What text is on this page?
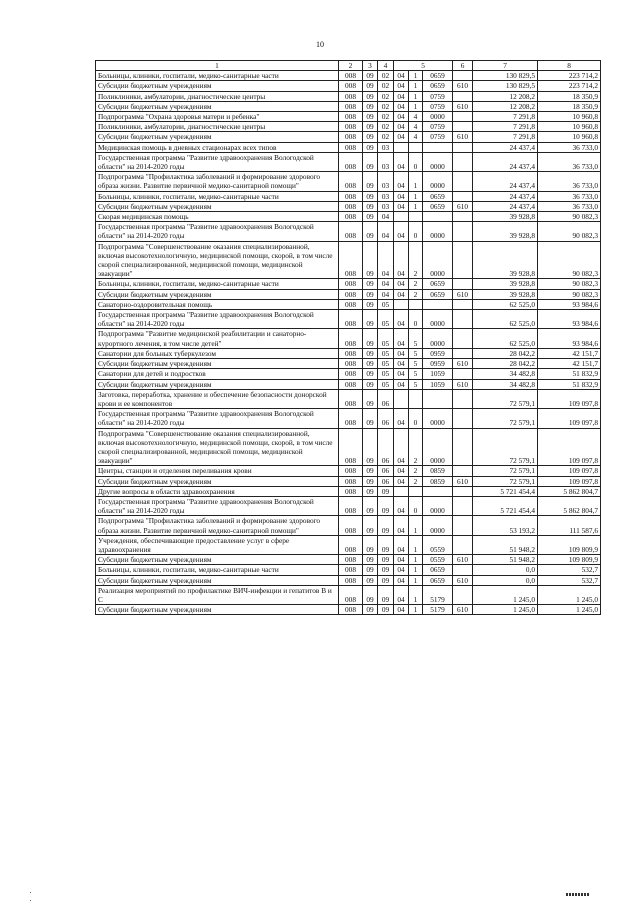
10
1	2	3	4	5			6	7	8
Больницы, клиники, госпитали, медико-санитарные части	008	09	02	04	1	0659		130 829,5	223 714,2
Субсидии бюджетным учреждениям	008	09	02	04	1	0659	610	130 829,5	223 714,2
Поликлиники, амбулатории, диагностические центры	008	09	02	04	1	0759		12 208,2	18 350,9
Субсидии бюджетным учреждениям	008	09	02	04	1	0759	610	12 208,2	18 350,9
Подпрограмма "Охрана здоровья матери и ребенка"	008	09	02	04	4	0000		7 291,8	10 960,8
Поликлиники, амбулатории, диагностические центры	008	09	02	04	4	0759		7 291,8	10 960,8
Субсидии бюджетным учреждениям	008	09	02	04	4	0759	610	7 291,8	10 960,8
Медицинская помощь в дневных стационарах всех типов	008	09	03					24 437,4	36 733,0
Государственная программа "Развитие здравоохранения Вологодской области" на 2014-2020 годы	008	09	03	04	0	0000		24 437,4	36 733,0
Подпрограмма "Профилактика заболеваний и формирование здорового образа жизни. Развитие первичной медико-санитарной помощи"	008	09	03	04	1	0000		24 437,4	36 733,0
Больницы, клиники, госпитали, медико-санитарные части	008	09	03	04	1	0659		24 437,4	36 733,0
Субсидии бюджетным учреждениям	008	09	03	04	1	0659	610	24 437,4	36 733,0
Скорая медицинская помощь	008	09	04					39 928,8	90 082,3
Государственная программа "Развитие здравоохранения Вологодской области" на 2014-2020 годы	008	09	04	04	0	0000		39 928,8	90 082,3
Подпрограмма "Совершенствование оказания специализированной, включая высокотехнологичную, медицинской помощи, скорой, в том числе скорой специализированной, медицинской помощи, медицинской эвакуации"	008	09	04	04	2	0000		39 928,8	90 082,3
Больницы, клиники, госпитали, медико-санитарные части	008	09	04	04	2	0659		39 928,8	90 082,3
Субсидии бюджетным учреждениям	008	09	04	04	2	0659	610	39 928,8	90 082,3
Санаторно-оздоровительная помощь	008	09	05					62 525,0	93 984,6
Государственная программа "Развитие здравоохранения Вологодской области" на 2014-2020 годы	008	09	05	04	0	0000		62 525,0	93 984,6
Подпрограмма "Развитие медицинской реабилитации и санаторно-курортного лечения, в том числе детей"	008	09	05	04	5	0000		62 525,0	93 984,6
Санатории для больных туберкулезом	008	09	05	04	5	0959		28 042,2	42 151,7
Субсидии бюджетным учреждениям	008	09	05	04	5	0959	610	28 042,2	42 151,7
Санатории для детей и подростков	008	09	05	04	5	1059		34 482,8	51 832,9
Субсидии бюджетным учреждениям	008	09	05	04	5	1059	610	34 482,8	51 832,9
Заготовка, переработка, хранение и обеспечение безопасности донорской крови и ее компонентов	008	09	06					72 579,1	109 097,8
Государственная программа "Развитие здравоохранения Вологодской области" на 2014-2020 годы	008	09	06	04	0	0000		72 579,1	109 097,8
Подпрограмма "Совершенствование оказания специализированной, включая высокотехнологичную, медицинской помощи, скорой, в том числе скорой специализированной, медицинской помощи, медицинской эвакуации"	008	09	06	04	2	0000		72 579,1	109 097,8
Центры, станции и отделения переливания крови	008	09	06	04	2	0859		72 579,1	109 097,8
Субсидии бюджетным учреждениям	008	09	06	04	2	0859	610	72 579,1	109 097,8
Другие вопросы в области здравоохранения	008	09	09					5 721 454,4	5 862 804,7
Государственная программа "Развитие здравоохранения Вологодской области" на 2014-2020 годы	008	09	09	04	0	0000		5 721 454,4	5 862 804,7
Подпрограмма "Профилактика заболеваний и формирование здорового образа жизни. Развитие первичной медико-санитарной помощи"	008	09	09	04	1	0000		53 193,2	111 587,6
Учреждения, обеспечивающие предоставление услуг в сфере здравоохранения	008	09	09	04	1	0559		51 948,2	109 809,9
Субсидии бюджетным учреждениям	008	09	09	04	1	0559	610	51 948,2	109 809,9
Больницы, клиники, госпитали, медико-санитарные части	008	09	09	04	1	0659		0,0	532,7
Субсидии бюджетным учреждениям	008	09	09	04	1	0659	610	0,0	532,7
Реализация мероприятий по профилактике ВИЧ-инфекции и гепатитов В и С	008	09	09	04	1	5179		1 245,0	1 245,0
Субсидии бюджетным учреждениям	008	09	09	04	1	5179	610	1 245,0	1 245,0
